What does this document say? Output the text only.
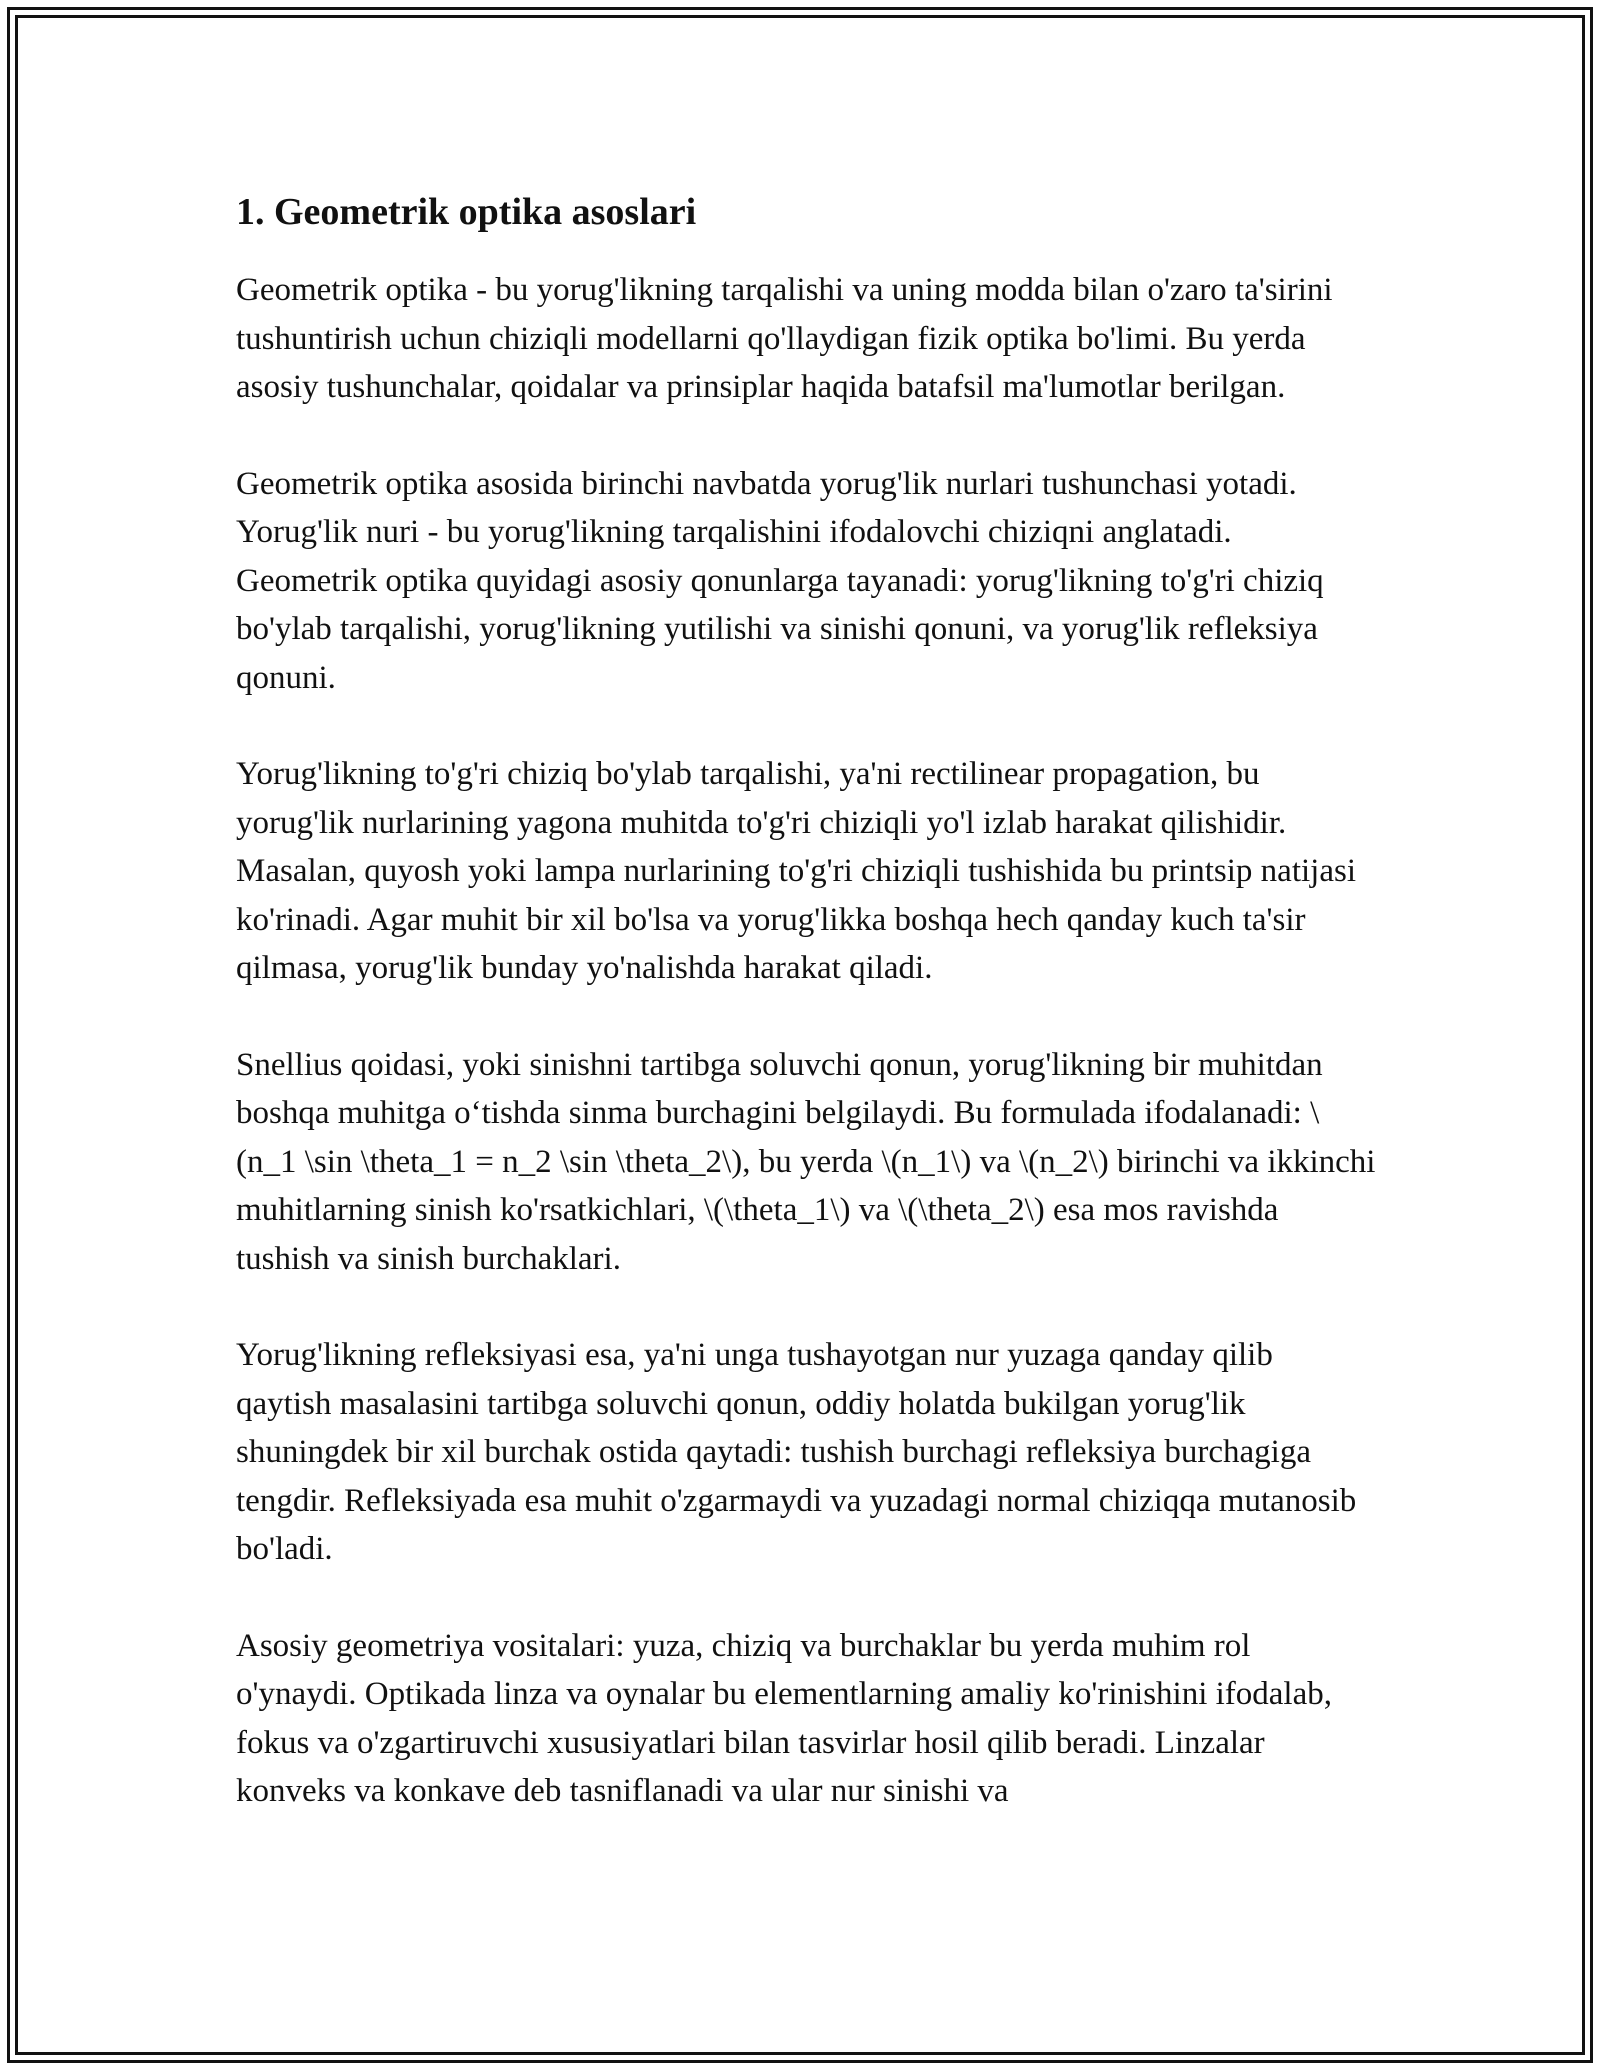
1. Geometrik optika asoslari

Geometrik optika - bu yorug'likning tarqalishi va uning modda bilan o'zaro ta'sirini tushuntirish uchun chiziqli modellarni qo'llaydigan fizik optika bo'limi. Bu yerda asosiy tushunchalar, qoidalar va prinsiplar haqida batafsil ma'lumotlar berilgan.

Geometrik optika asosida birinchi navbatda yorug'lik nurlari tushunchasi yotadi. Yorug'lik nuri - bu yorug'likning tarqalishini ifodalovchi chiziqni anglatadi. Geometrik optika quyidagi asosiy qonunlarga tayanadi: yorug'likning to'g'ri chiziq bo'ylab tarqalishi, yorug'likning yutilishi va sinishi qonuni, va yorug'lik refleksiya qonuni.

Yorug'likning to'g'ri chiziq bo'ylab tarqalishi, ya'ni rectilinear propagation, bu yorug'lik nurlarining yagona muhitda to'g'ri chiziqli yo'l izlab harakat qilishidir. Masalan, quyosh yoki lampa nurlarining to'g'ri chiziqli tushishida bu printsip natijasi ko'rinadi. Agar muhit bir xil bo'lsa va yorug'likka boshqa hech qanday kuch ta'sir qilmasa, yorug'lik bunday yo'nalishda harakat qiladi.

Snellius qoidasi, yoki sinishni tartibga soluvchi qonun, yorug'likning bir muhitdan boshqa muhitga o‘tishda sinma burchagini belgilaydi. Bu formulada ifodalanadi: \(n_1 \sin \theta_1 = n_2 \sin \theta_2\), bu yerda \(n_1\) va \(n_2\) birinchi va ikkinchi muhitlarning sinish ko'rsatkichlari, \(\theta_1\) va \(\theta_2\) esa mos ravishda tushish va sinish burchaklari.

Yorug'likning refleksiyasi esa, ya'ni unga tushayotgan nur yuzaga qanday qilib qaytish masalasini tartibga soluvchi qonun, oddiy holatda bukilgan yorug'lik shuningdek bir xil burchak ostida qaytadi: tushish burchagi refleksiya burchagiga tengdir. Refleksiyada esa muhit o'zgarmaydi va yuzadagi normal chiziqqa mutanosib bo'ladi.

Asosiy geometriya vositalari: yuza, chiziq va burchaklar bu yerda muhim rol o'ynaydi. Optikada linza va oynalar bu elementlarning amaliy ko'rinishini ifodalab, fokus va o'zgartiruvchi xususiyatlari bilan tasvirlar hosil qilib beradi. Linzalar konveks va konkave deb tasniflanadi va ular nur sinishi va
